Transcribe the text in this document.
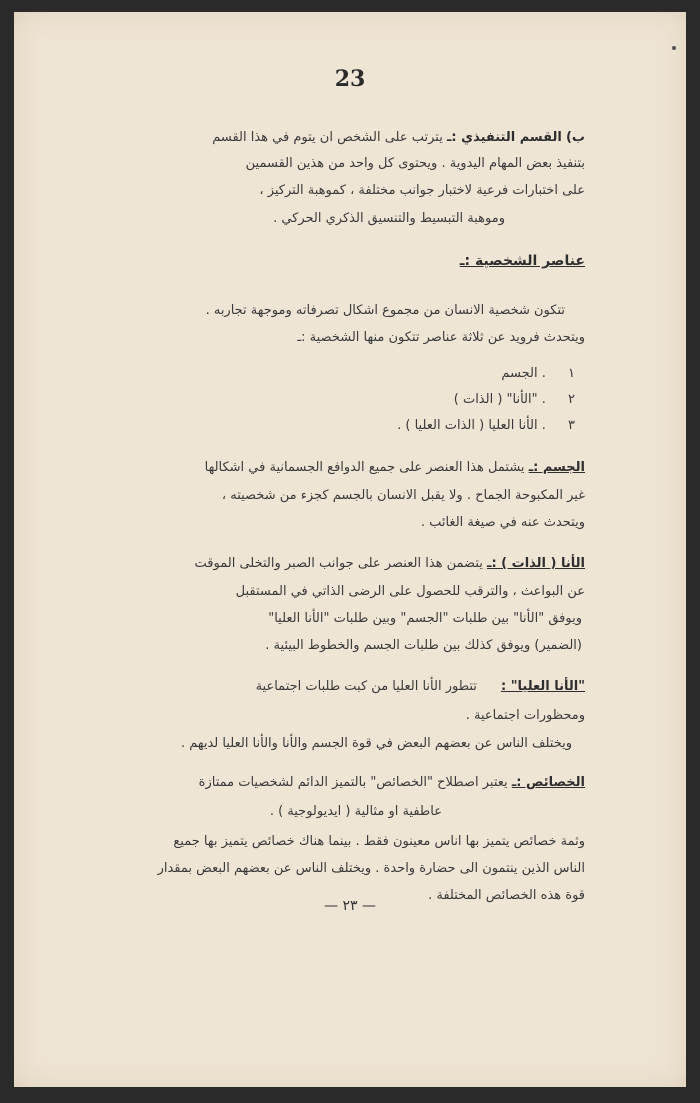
23
ب) القسم التنفيذي :ـ يترتب على الشخص ان يتوم في هذا القسم
بتنفيذ بعض المهام اليدوية . ويحتوى كل واحد من هذين القسمين
على اختبارات فرعية لاختبار جوانب مختلفة ، كموهبة التركيز ،
وموهبة التبسيط والتنسيق الذكري الحركي .
عناصر الشخصية :ـ
تتكون شخصية الانسان من مجموع اشكال تصرفاته وموجهة تجاربه .
ويتحدث فرويد عن ثلاثة عناصر تتكون منها الشخصية :ـ
١ . الجسم
٢ . "الأنا" ( الذات )
٣ . الأنا العليا ( الذات العليا ) .
الجسم :ـ يشتمل هذا العنصر على جميع الدوافع الجسمانية في اشكالها
غير المكبوحة الجماح . ولا يقبل الانسان بالجسم كجزء من شخصيته ،
ويتحدث عنه في صيغة الغائب .
الأنا ( الذات ) :ـ يتضمن هذا العنصر على جوانب الصبر والتخلى الموقت
عن البواعث ، والترقب للحصول على الرضى الذاتي في المستقبل
ويوفق "الأنا" بين طلبات "الجسم" وبين طلبات "الأنا العليا"
(الضمير) ويوفق كذلك بين طلبات الجسم والخطوط البيئية .
"الأنا العليا" : تتطور الأنا العليا من كبت طلبات اجتماعية
ومحظورات اجتماعية .
ويختلف الناس عن بعضهم البعض في قوة الجسم والأنا والأنا العليا لديهم .
الخصائص :ـ يعتبر اصطلاح "الخصائص" بالتميز الدائم لشخصيات ممتازة
عاطفية او مثالية ( ايديولوجية ) .
وثمة خصائص يتميز بها اناس معينون فقط . بينما هناك خصائص يتميز بها جميع
الناس الذين ينتمون الى حضارة واحدة . ويختلف الناس عن بعضهم البعض بمقدار
قوة هذه الخصائص المختلفة .
— ٢٣ —
